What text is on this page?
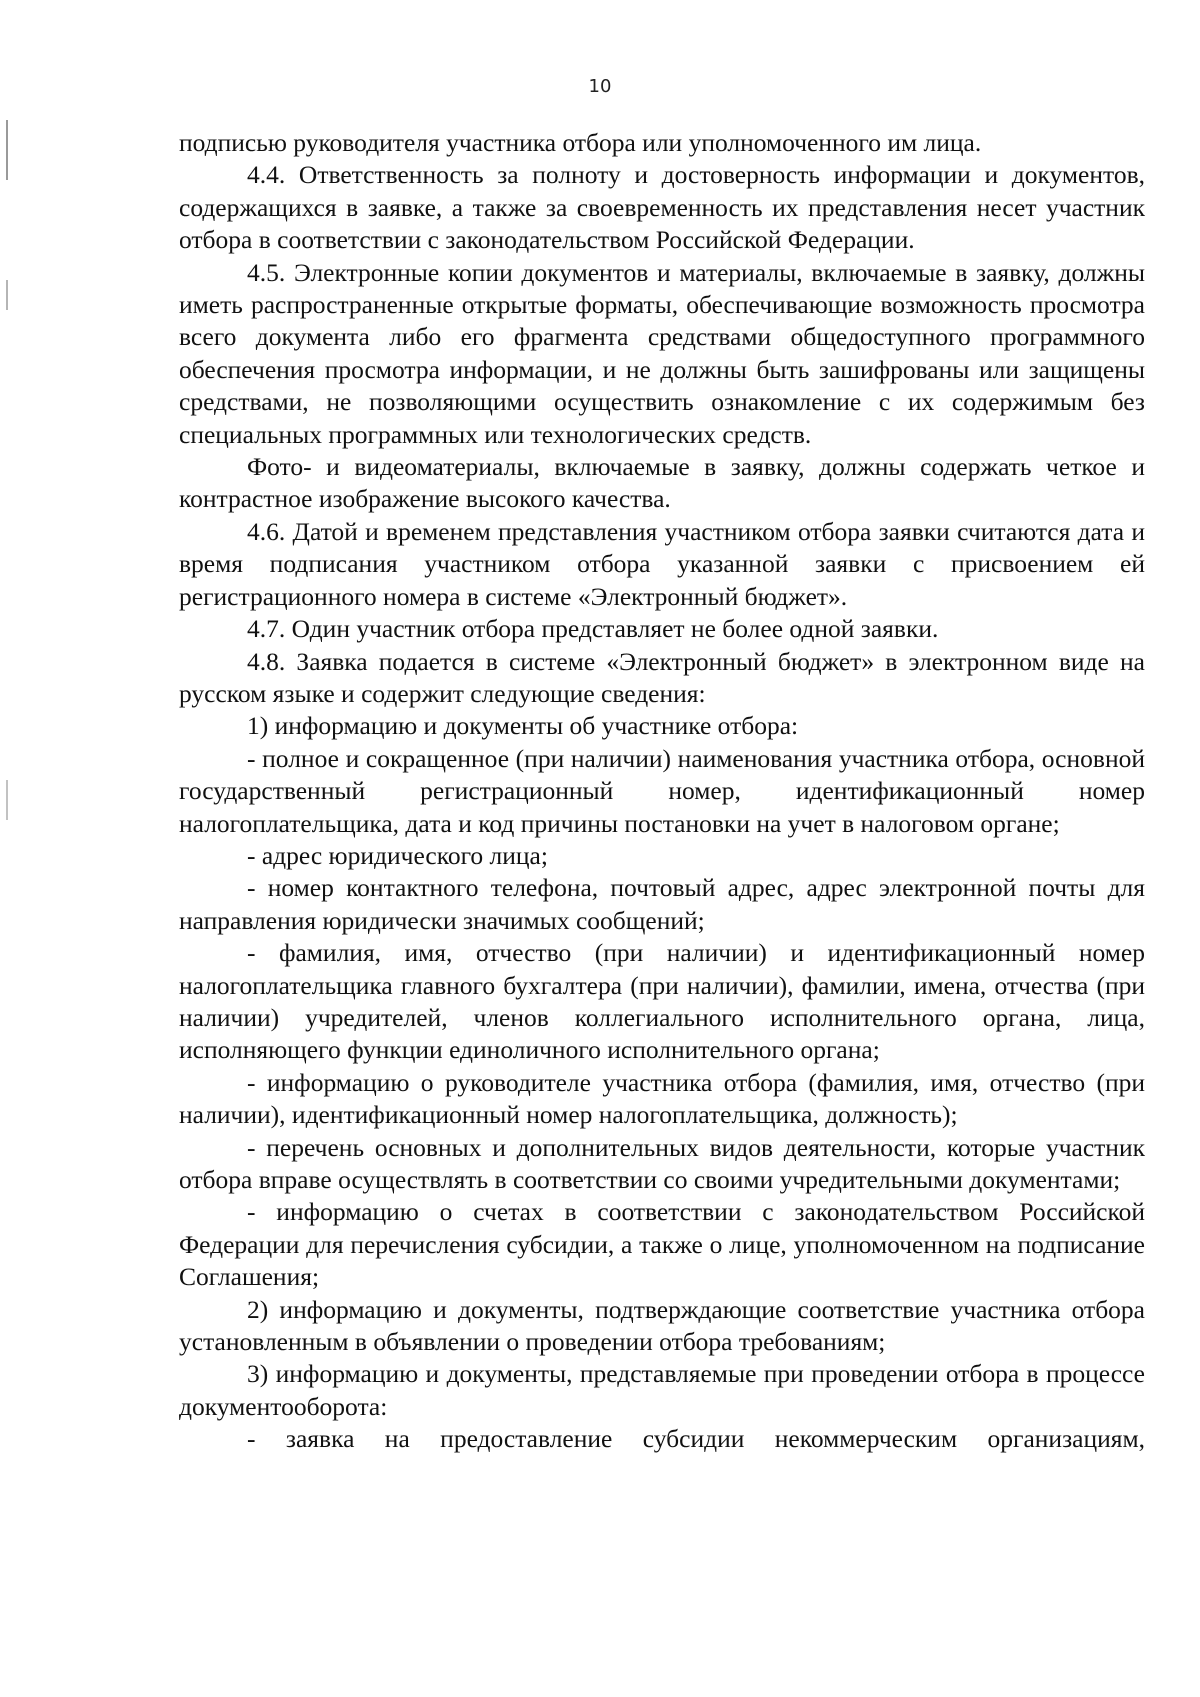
10

подписью руководителя участника отбора или уполномоченного им лица.

4.4. Ответственность за полноту и достоверность информации и документов, содержащихся в заявке, а также за своевременность их представления несет участник отбора в соответствии с законодательством Российской Федерации.

4.5. Электронные копии документов и материалы, включаемые в заявку, должны иметь распространенные открытые форматы, обеспечивающие возможность просмотра всего документа либо его фрагмента средствами общедоступного программного обеспечения просмотра информации, и не должны быть зашифрованы или защищены средствами, не позволяющими осуществить ознакомление с их содержимым без специальных программных или технологических средств.

Фото- и видеоматериалы, включаемые в заявку, должны содержать четкое и контрастное изображение высокого качества.

4.6. Датой и временем представления участником отбора заявки считаются дата и время подписания участником отбора указанной заявки с присвоением ей регистрационного номера в системе «Электронный бюджет».

4.7. Один участник отбора представляет не более одной заявки.

4.8. Заявка подается в системе «Электронный бюджет» в электронном виде на русском языке и содержит следующие сведения:

1) информацию и документы об участнике отбора:

- полное и сокращенное (при наличии) наименования участника отбора, основной государственный регистрационный номер, идентификационный номер налогоплательщика, дата и код причины постановки на учет в налоговом органе;

- адрес юридического лица;

- номер контактного телефона, почтовый адрес, адрес электронной почты для направления юридически значимых сообщений;

- фамилия, имя, отчество (при наличии) и идентификационный номер налогоплательщика главного бухгалтера (при наличии), фамилии, имена, отчества (при наличии) учредителей, членов коллегиального исполнительного органа, лица, исполняющего функции единоличного исполнительного органа;

- информацию о руководителе участника отбора (фамилия, имя, отчество (при наличии), идентификационный номер налогоплательщика, должность);

- перечень основных и дополнительных видов деятельности, которые участник отбора вправе осуществлять в соответствии со своими учредительными документами;

- информацию о счетах в соответствии с законодательством Российской Федерации для перечисления субсидии, а также о лице, уполномоченном на подписание Соглашения;

2) информацию и документы, подтверждающие соответствие участника отбора установленным в объявлении о проведении отбора требованиям;

3) информацию и документы, представляемые при проведении отбора в процессе документооборота:

- заявка на предоставление субсидии некоммерческим организациям,
